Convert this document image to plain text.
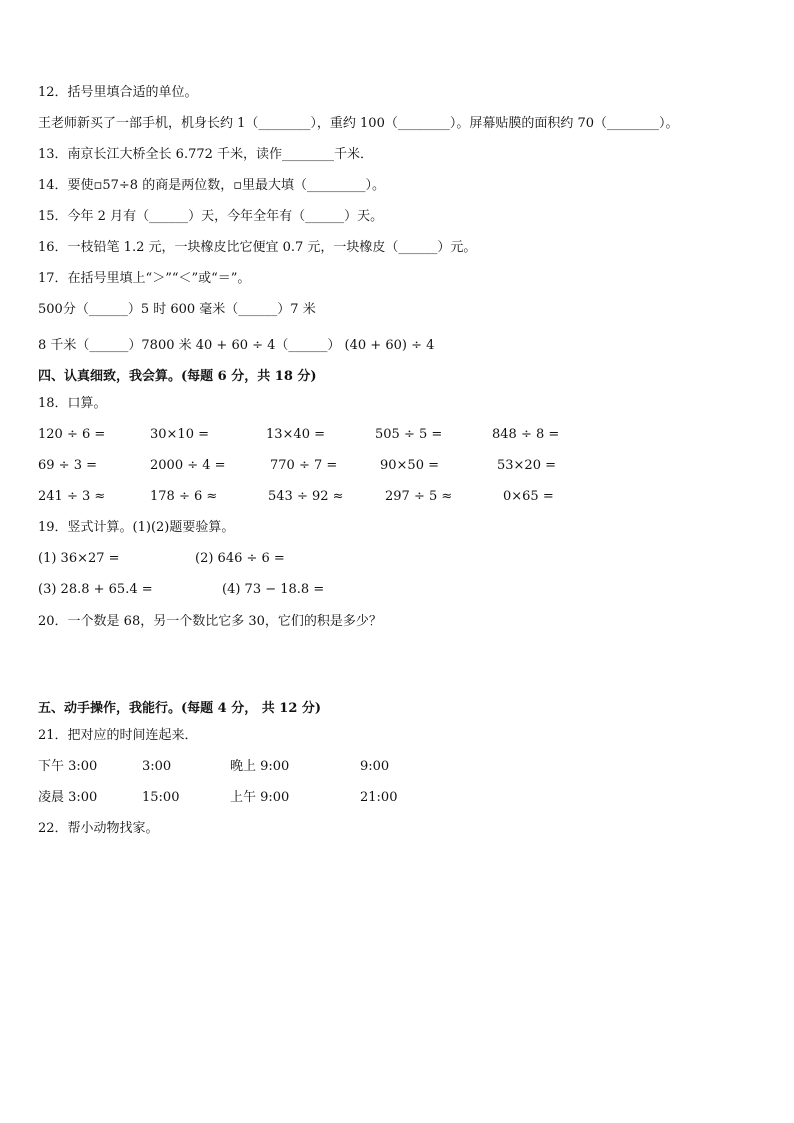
12．括号里填合适的单位。
王老师新买了一部手机，机身长约 1（________），重约 100（________）。屏幕贴膜的面积约 70（________）。
13．南京长江大桥全长 6.772 千米，读作________千米．
14．要使▫57÷8 的商是两位数，▫里最大填（_________）。
15．今年 2 月有（______）天，今年全年有（______）天。
16．一枝铅笔 1.2 元，一块橡皮比它便宜 0.7 元，一块橡皮（______）元。
17．在括号里填上“＞”“＜”或“＝”。
500分（______）5 时 600 毫米（______）7 米
8 千米（______）7800 米 40 + 60 ÷ 4（______） (40 + 60) ÷ 4
四、认真细致，我会算。(每题 6 分，共 18 分)
18．口算。
120 ÷ 6 =	30×10 =	13×40 =	505 ÷ 5 =	848 ÷ 8 =
69 ÷ 3 =	2000 ÷ 4 =	770 ÷ 7 =	90×50 =	53×20 =
241 ÷ 3 ≈	178 ÷ 6 ≈	543 ÷ 92 ≈	297 ÷ 5 ≈	0×65 =
19．竖式计算。(1)(2)题要验算。
(1) 36×27 =	(2) 646 ÷ 6 =
(3) 28.8 + 65.4 =	(4) 73 − 18.8 =
20．一个数是 68，另一个数比它多 30，它们的积是多少？
五、动手操作，我能行。(每题 4 分， 共 12 分)
21．把对应的时间连起来．
下午 3:00	3:00	晚上 9:00	9:00
凌晨 3:00	15:00	上午 9:00	21:00
22．帮小动物找家。
